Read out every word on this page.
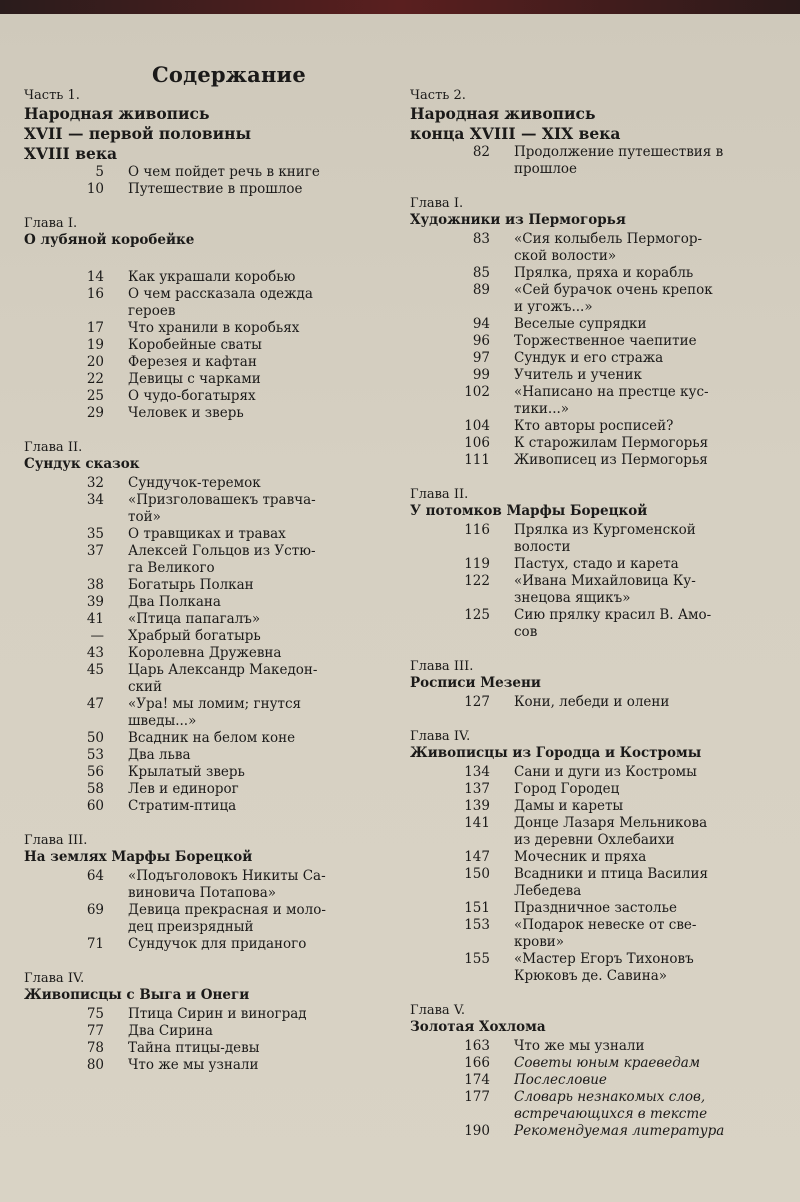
Содержание
Часть 1.
Народная живопись
XVII — первой половины
XVIII века
5	О чем пойдет речь в книге
10	Путешествие в прошлое
Глава I.
О лубяной коробейке
14	Как украшали коробью
16	О чем рассказала одежда
героев
17	Что хранили в коробьях
19	Коробейные сваты
20	Ферезея и кафтан
22	Девицы с чарками
25	О чудо-богатырях
29	Человек и зверь
Глава II.
Сундук сказок
32	Сундучок-теремок
34	«Призголовашекъ травча-
той»
35	О травщиках и травах
37	Алексей Гольцов из Устю-
га Великого
38	Богатырь Полкан
39	Два Полкана
41	«Птица папагалъ»
—	Храбрый богатырь
43	Королевна Дружевна
45	Царь Александр Македон-
ский
47	«Ура! мы ломим; гнутся
шведы...»
50	Всадник на белом коне
53	Два льва
56	Крылатый зверь
58	Лев и единорог
60	Стратим-птица
Глава III.
На землях Марфы Борецкой
64	«Подъголовокъ Никиты Са-
виновича Потапова»
69	Девица прекрасная и моло-
дец преизрядный
71	Сундучок для приданого
Глава IV.
Живописцы с Выга и Онеги
75	Птица Сирин и виноград
77	Два Сирина
78	Тайна птицы-девы
80	Что же мы узнали
Часть 2.
Народная живопись
конца XVIII — XIX века
82	Продолжение путешествия в
прошлое
Глава I.
Художники из Пермогорья
83	«Сия колыбель Пермогор-
ской волости»
85	Прялка, пряха и корабль
89	«Сей бурачок очень крепок
и угожъ...»
94	Веселые супрядки
96	Торжественное чаепитие
97	Сундук и его стража
99	Учитель и ученик
102	«Написано на престце кус-
тики...»
104	Кто авторы росписей?
106	К старожилам Пермогорья
111	Живописец из Пермогорья
Глава II.
У потомков Марфы Борецкой
116	Прялка из Кургоменской
волости
119	Пастух, стадо и карета
122	«Ивана Михайловица Ку-
знецова ящикъ»
125	Сию прялку красил В. Амо-
сов
Глава III.
Росписи Мезени
127	Кони, лебеди и олени
Глава IV.
Живописцы из Городца и Костромы
134	Сани и дуги из Костромы
137	Город Городец
139	Дамы и кареты
141	Донце Лазаря Мельникова
из деревни Охлебаихи
147	Мочесник и пряха
150	Всадники и птица Василия
Лебедева
151	Праздничное застолье
153	«Подарок невеске от све-
крови»
155	«Мастер Егоръ Тихоновъ
Крюковъ де. Савина»
Глава V.
Золотая Хохлома
163	Что же мы узнали
166	Советы юным краеведам
174	Послесловие
177	Словарь незнакомых слов,
встречающихся в тексте
190	Рекомендуемая литература
